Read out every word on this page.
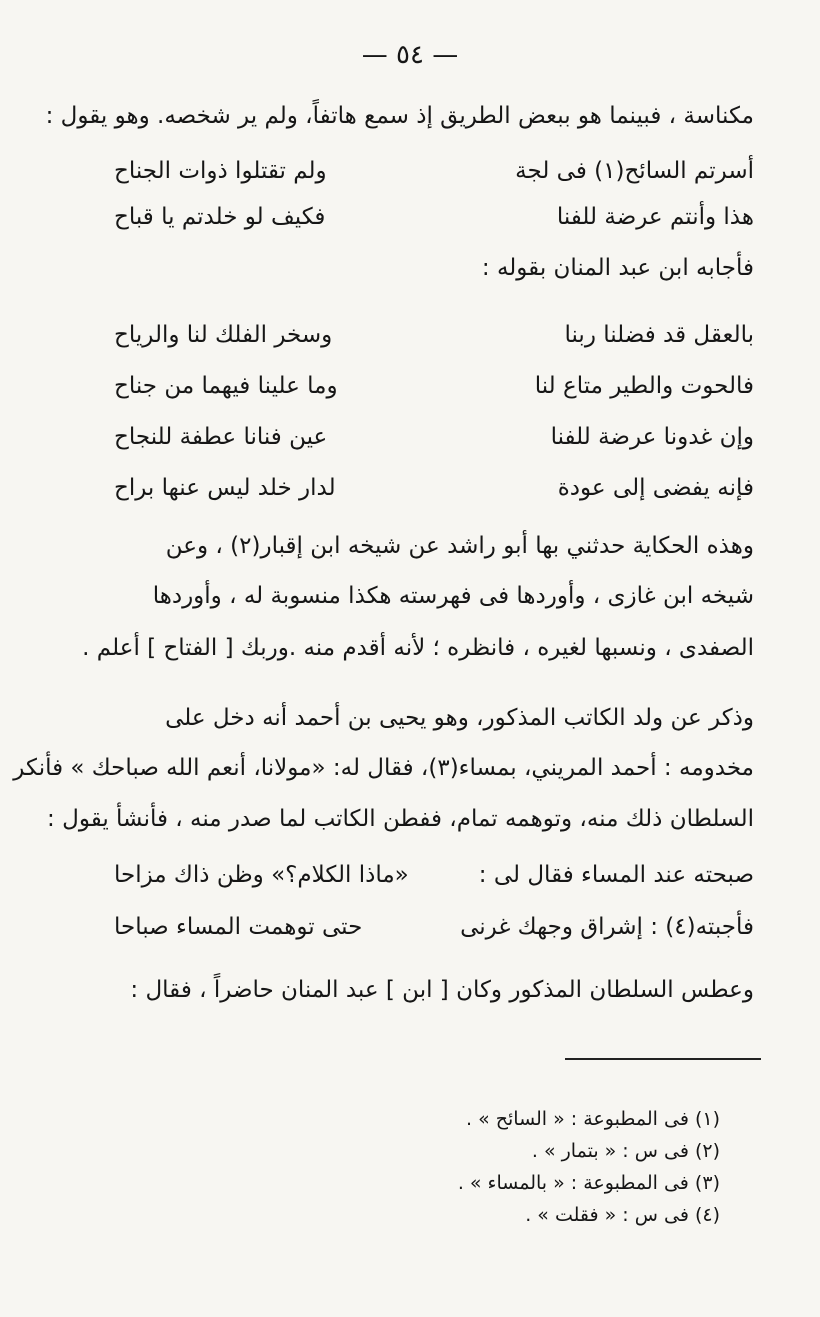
— ٥٤ —
مكناسة ، فبينما هو ببعض الطريق إذ سمع هاتفاً، ولم ير شخصه. وهو يقول :
أسرتم السائح(١) فى لجة
ولم تقتلوا ذوات الجناح
هذا وأنتم عرضة للفنا
فكيف لو خلدتم يا قباح
فأجابه ابن عبد المنان بقوله :
بالعقل قد فضلنا ربنا
وسخر الفلك لنا والرياح
فالحوت والطير متاع لنا
وما علينا فيهما من جناح
وإن غدونا عرضة للفنا
عين فنانا عطفة للنجاح
فإنه يفضى إلى عودة
لدار خلد ليس عنها براح
وهذه الحكاية حدثني بها أبو راشد عن شيخه ابن إقبار(٢) ، وعن
شيخه ابن غازى ، وأوردها فى فهرسته هكذا منسوبة له ، وأوردها
الصفدى ، ونسبها لغيره ، فانظره ؛ لأنه أقدم منه .وربك [ الفتاح ] أعلم .
وذكر عن ولد الكاتب المذكور، وهو يحيى بن أحمد أنه دخل على
مخدومه : أحمد المريني، بمساء(٣)، فقال له: «مولانا، أنعم الله صباحك » فأنكر
السلطان ذلك منه، وتوهمه تمام، ففطن الكاتب لما صدر منه ، فأنشأ يقول :
صبحته عند المساء فقال لى :
«ماذا الكلام؟» وظن ذاك مزاحا
فأجبته(٤) : إشراق وجهك غرنى
حتى توهمت المساء صباحا
وعطس السلطان المذكور وكان [ ابن ] عبد المنان حاضراً ، فقال :
(١) فى المطبوعة : « السائح » .
(٢) فى س : « بتمار » .
(٣) فى المطبوعة : « بالمساء » .
(٤) فى س : « فقلت » .
